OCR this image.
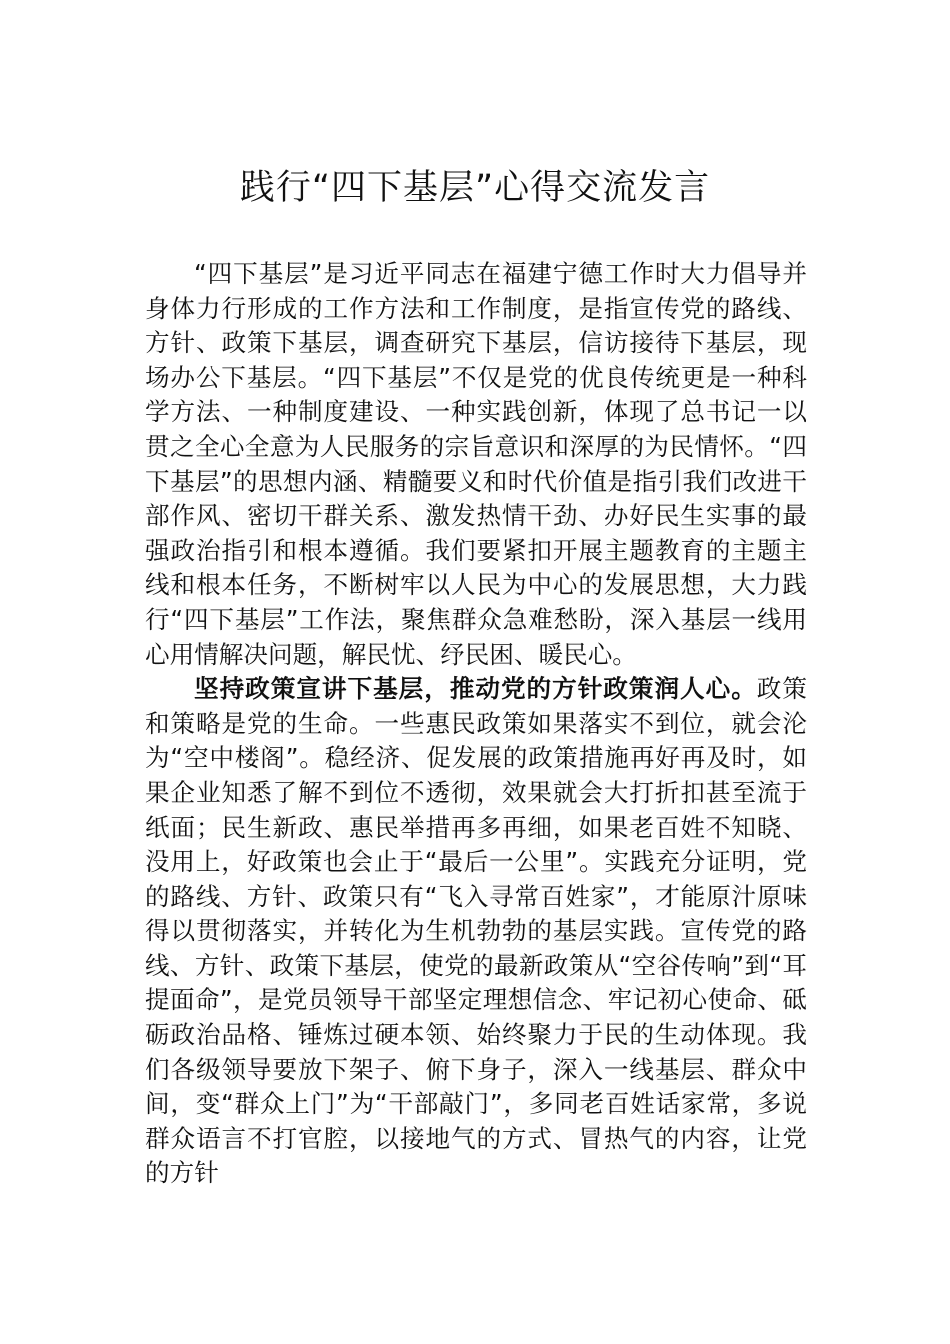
践行“四下基层”心得交流发言

“四下基层”是习近平同志在福建宁德工作时大力倡导并身体力行形成的工作方法和工作制度，是指宣传党的路线、方针、政策下基层，调查研究下基层，信访接待下基层，现场办公下基层。“四下基层”不仅是党的优良传统更是一种科学方法、一种制度建设、一种实践创新，体现了总书记一以贯之全心全意为人民服务的宗旨意识和深厚的为民情怀。“四下基层”的思想内涵、精髓要义和时代价值是指引我们改进干部作风、密切干群关系、激发热情干劲、办好民生实事的最强政治指引和根本遵循。我们要紧扣开展主题教育的主题主线和根本任务，不断树牢以人民为中心的发展思想，大力践行“四下基层”工作法，聚焦群众急难愁盼，深入基层一线用心用情解决问题，解民忧、纾民困、暖民心。

坚持政策宣讲下基层，推动党的方针政策润人心。政策和策略是党的生命。一些惠民政策如果落实不到位，就会沦为“空中楼阁”。稳经济、促发展的政策措施再好再及时，如果企业知悉了解不到位不透彻，效果就会大打折扣甚至流于纸面；民生新政、惠民举措再多再细，如果老百姓不知晓、没用上，好政策也会止于“最后一公里”。实践充分证明，党的路线、方针、政策只有“飞入寻常百姓家”，才能原汁原味得以贯彻落实，并转化为生机勃勃的基层实践。宣传党的路线、方针、政策下基层，使党的最新政策从“空谷传响”到“耳提面命”，是党员领导干部坚定理想信念、牢记初心使命、砥砺政治品格、锤炼过硬本领、始终聚力于民的生动体现。我们各级领导要放下架子、俯下身子，深入一线基层、群众中间，变“群众上门”为“干部敲门”，多同老百姓话家常，多说群众语言不打官腔，以接地气的方式、冒热气的内容，让党的方针
